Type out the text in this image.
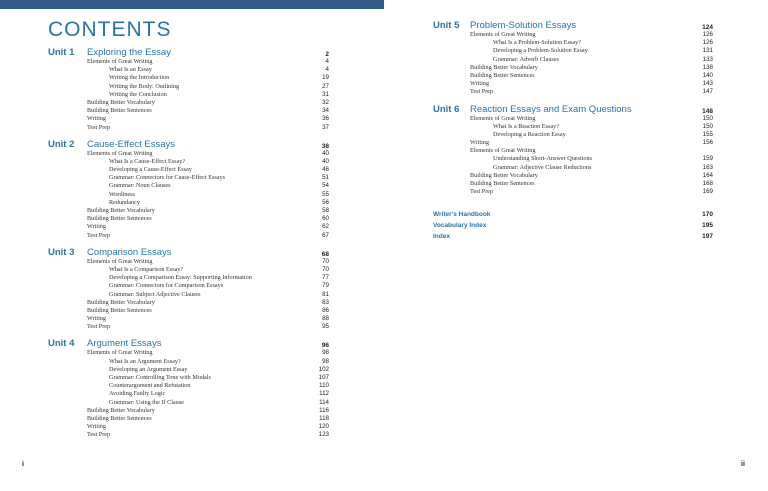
CONTENTS
Unit 1 Exploring the Essay	2
Elements of Great Writing	4
What Is an Essay	4
Writing the Introduction	19
Writing the Body: Outlining	27
Writing the Conclusion	31
Building Better Vocabulary	32
Building Better Sentences	34
Writing	36
Test Prep	37
Unit 2 Cause-Effect Essays	38
Elements of Great Writing	40
What Is a Cause-Effect Essay?	40
Developing a Cause-Effect Essay	46
Grammar: Connectors for Cause-Effect Essays	51
Grammar: Noun Clauses	54
Wordiness	55
Redundancy	56
Building Better Vocabulary	58
Building Better Sentences	60
Writing	62
Test Prep	67
Unit 3 Comparison Essays	68
Elements of Great Writing	70
What Is a Comparison Essay?	70
Developing a Comparison Essay: Supporting Information	77
Grammar: Connectors for Comparison Essays	79
Grammar: Subject Adjective Clauses	81
Building Better Vocabulary	83
Building Better Sentences	86
Writing	88
Test Prep	95
Unit 4 Argument Essays	96
Elements of Great Writing	98
What Is an Argument Essay?	98
Developing an Argument Essay	102
Grammar: Controlling Tone with Modals	107
Counterargument and Refutation	110
Avoiding Faulty Logic	112
Grammar: Using the If Clause	114
Building Better Vocabulary	116
Building Better Sentences	118
Writing	120
Test Prep	123
Unit 5 Problem-Solution Essays	124
Elements of Great Writing	126
What Is a Problem-Solution Essay?	126
Developing a Problem-Solution Essay	131
Grammar: Adverb Clauses	133
Building Better Vocabulary	138
Building Better Sentences	140
Writing	143
Test Prep	147
Unit 6 Reaction Essays and Exam Questions	148
Elements of Great Writing	150
What Is a Reaction Essay?	150
Developing a Reaction Essay	155
Writing	156
Elements of Great Writing
Understanding Short-Answer Questions	159
Grammar: Adjective Clause Reductions	163
Building Better Vocabulary	164
Building Better Sentences	168
Test Prep	169
Writer's Handbook	170
Vocabulary Index	195
Index	197
i	ii
